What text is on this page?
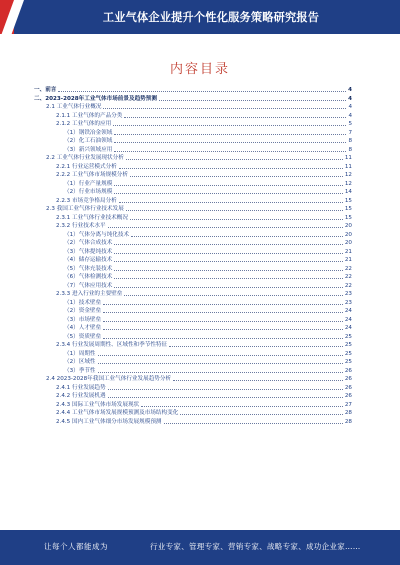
工业气体企业提升个性化服务策略研究报告
内容目录
一、前言	4
二、2023-2028年工业气体市场前景及趋势预测	4
2.1 工业气体行业概况	4
2.1.1 工业气体的产品分类	4
2.1.2 工业气体的应用	5
（1）钢铁冶金领域	7
（2）化工石油领域	8
（3）新兴领域应用	8
2.2 工业气体行业发展现状分析	11
2.2.1 行业运营模式分析	11
2.2.2 工业气体市场规模分析	12
（1）行业产量规模	12
（2）行业市场规模	14
2.2.3 市场竞争格局分析	15
2.3 我国工业气体行业技术发展	15
2.3.1 工业气体行业技术概况	15
2.3.2 行业技术水平	20
（1）气体分离与纯化技术	20
（2）气体合成技术	20
（3）气体提纯技术	21
（4）储存运输技术	21
（5）气体充装技术	22
（6）气体检测技术	22
（7）气体应用技术	22
2.3.3 进入行业的主要壁垒	23
（1）技术壁垒	23
（2）资金壁垒	24
（3）市场壁垒	24
（4）人才壁垒	24
（5）资质壁垒	25
2.3.4 行业发展周期性、区域性和季节性特征	25
（1）周期性	25
（2）区域性	25
（3）季节性	26
2.4 2023-2028年我国工业气体行业发展趋势分析	26
2.4.1 行业发展趋势	26
2.4.2 行业发展机遇	26
2.4.3 国际工业气体市场发展现状	27
2.4.4 工业气体市场发展规模预测及市场结构变化	28
2.4.5 国内工业气体细分市场发展规模预测	28
让每个人都能成为	行业专家、管理专家、营销专家、战略专家、成功企业家……
